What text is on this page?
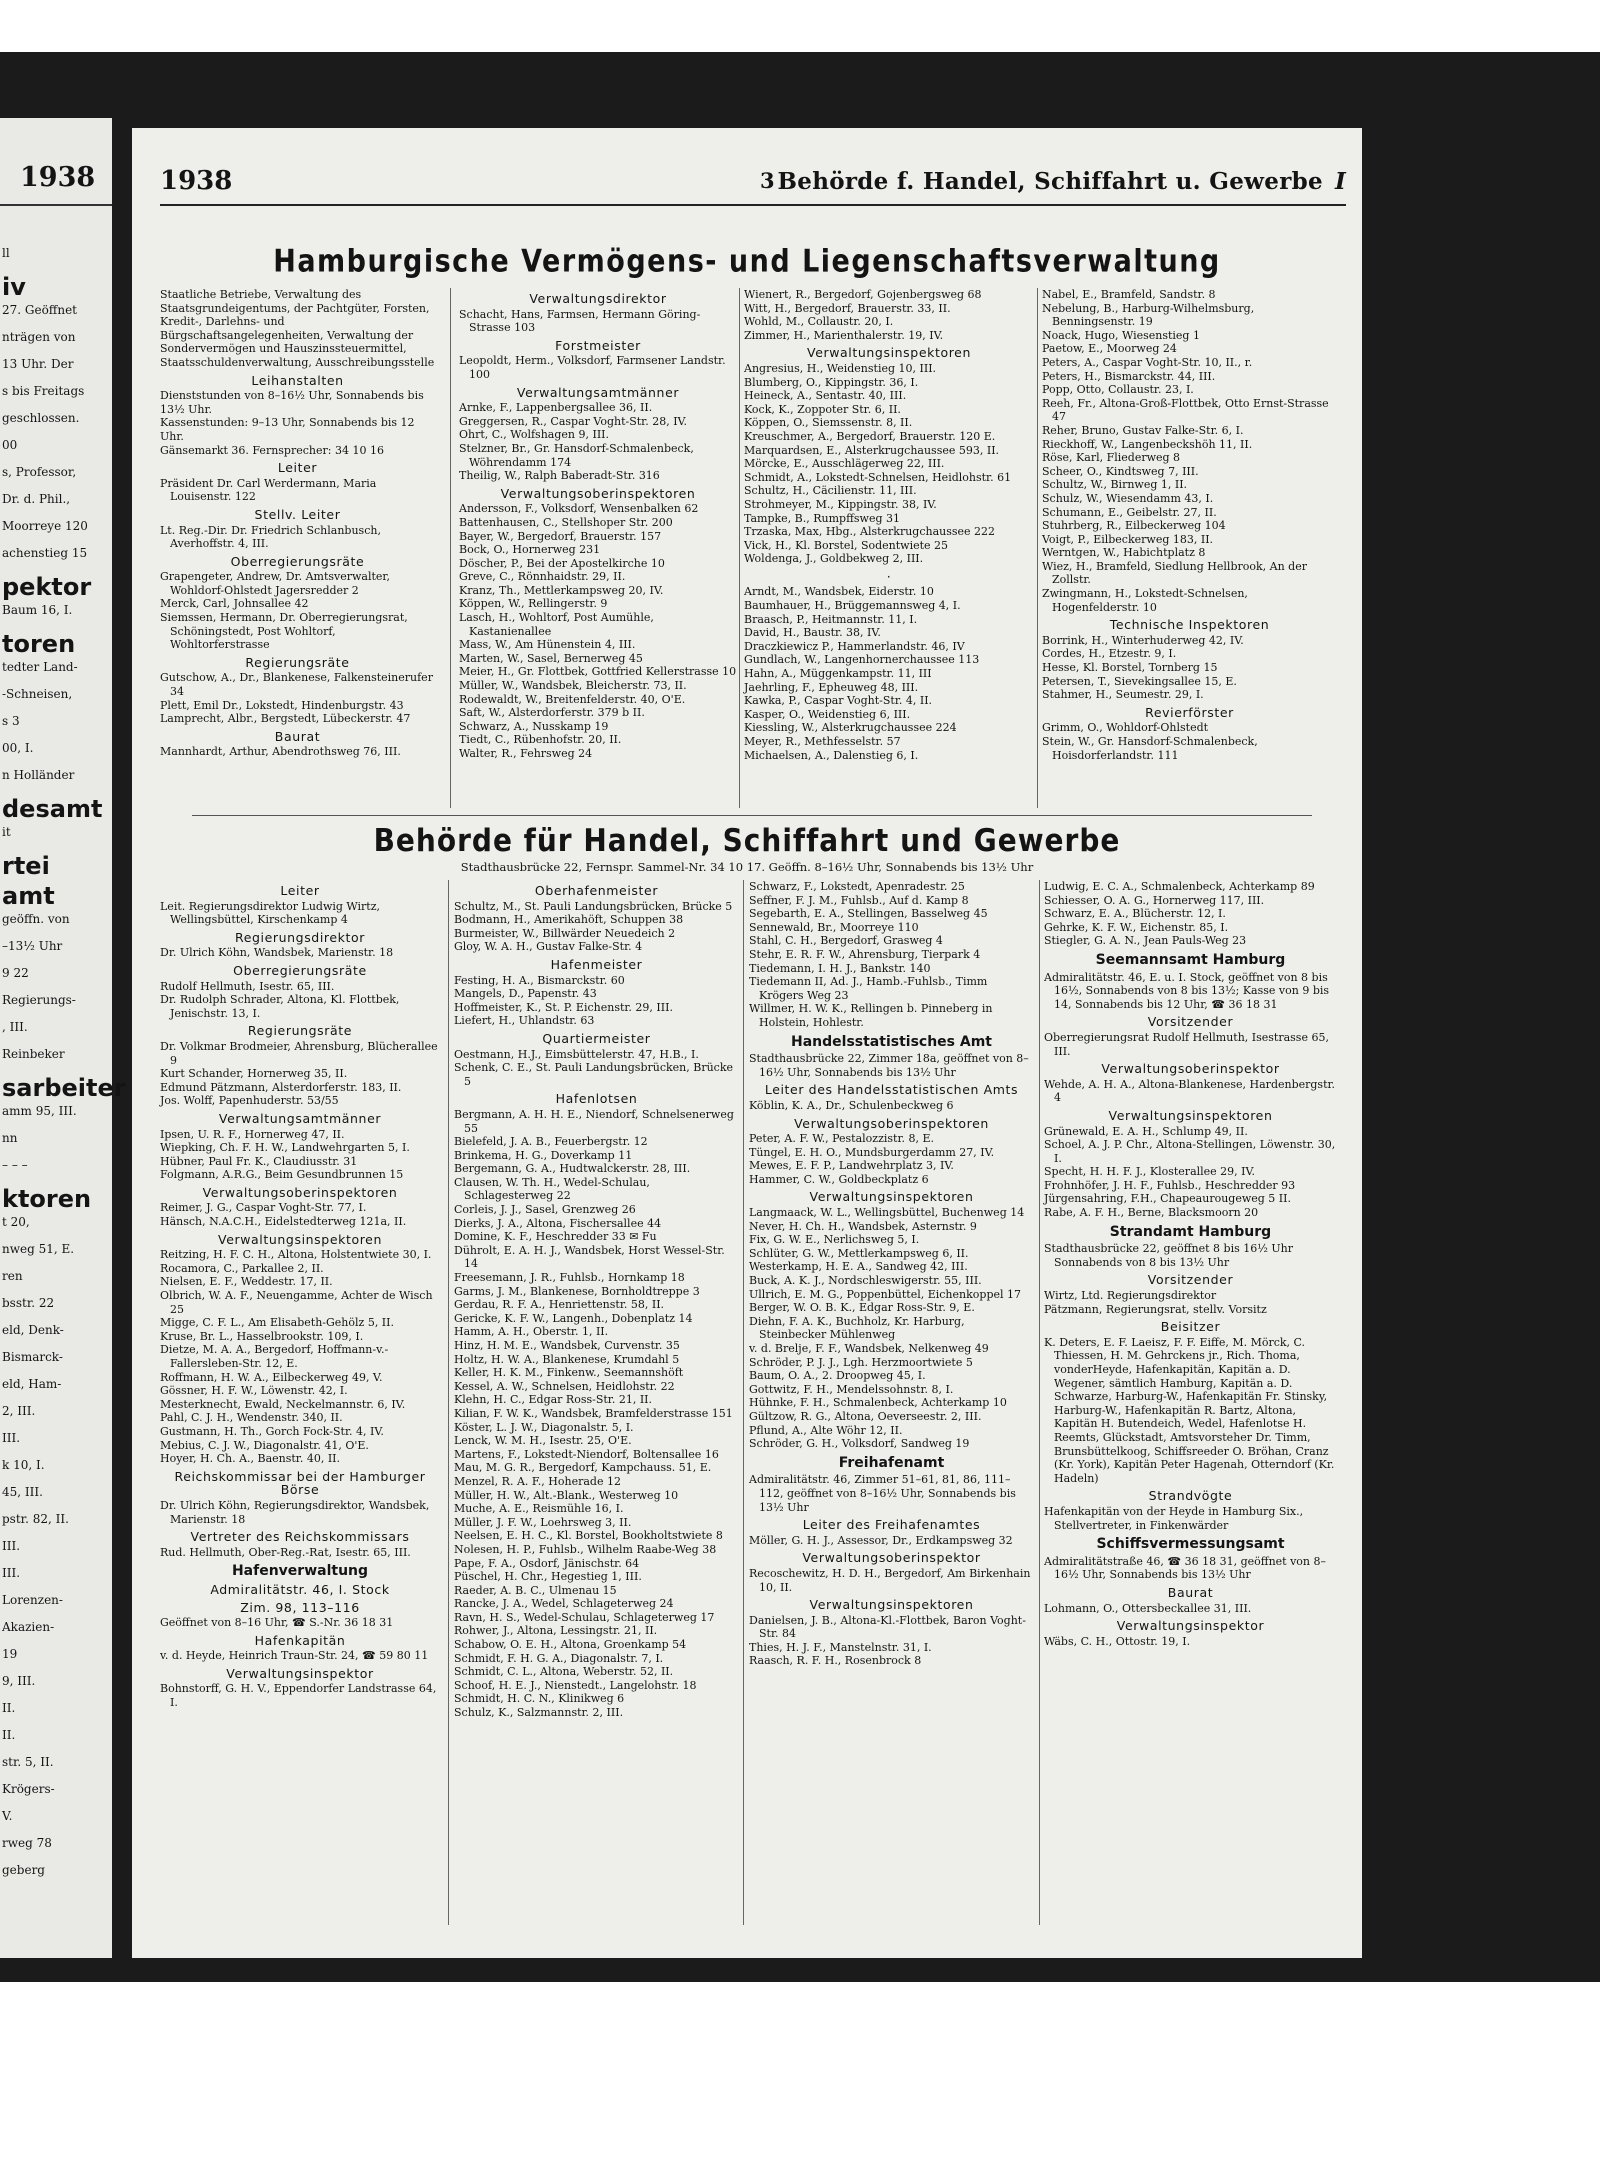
1938
ll
iv
27. Geöffnet
nträgen von
13 Uhr. Der
s bis Freitags
geschlossen.
00
s, Professor,
Dr. d. Phil.,
Moorreye 120
achenstieg 15
pektor
Baum 16, I.
toren
tedter Land-
-Schneisen,
s 3
00, I.
n Holländer
desamt
it
rtei
amt
geöffn. von
–13½ Uhr
9 22
Regierungs-
, III.
Reinbeker
sarbeiter
amm 95, III.
nn
– – –
ktoren
t 20,
nweg 51, E.
ren
bsstr. 22
eld, Denk-
Bismarck-
eld, Ham-
2, III.
III.
k 10, I.
45, III.
pstr. 82, II.
III.
III.
Lorenzen-
Akazien-
19
9, III.
II.
II.
str. 5, II.
Krögers-
V.
rweg 78
geberg
1938	3 Behörde f. Handel, Schiffahrt u. Gewerbe I
Hamburgische Vermögens- und Liegenschaftsverwaltung
Staatliche Betriebe, Verwaltung des Staatsgrundeigentums, der Pachtgüter, Forsten, Kredit-, Darlehns- und Bürgschaftsangelegenheiten, Verwaltung der Sondervermögen und Hauszinssteuermittel, Staatsschuldenverwaltung, Ausschreibungsstelle
Leihanstalten
Dienststunden von 8–16½ Uhr, Sonnabends bis 13½ Uhr.
Kassenstunden: 9–13 Uhr, Sonnabends bis 12 Uhr.
Gänsemarkt 36. Fernsprecher: 34 10 16
Leiter
Präsident Dr. Carl Werdermann, Maria Louisenstr. 122
Stellv. Leiter
Lt. Reg.-Dir. Dr. Friedrich Schlanbusch, Averhoffstr. 4, III.
Oberregierungsräte
Grapengeter, Andrew, Dr. Amtsverwalter, Wohldorf-Ohlstedt Jagersredder 2
Merck, Carl, Johnsallee 42
Siemssen, Hermann, Dr. Oberregierungsrat, Schöningstedt, Post Wohltorf, Wohltorferstrasse
Regierungsräte
Gutschow, A., Dr., Blankenese, Falkensteinerufer 34
Plett, Emil Dr., Lokstedt, Hindenburgstr. 43
Lamprecht, Albr., Bergstedt, Lübeckerstr. 47
Baurat
Mannhardt, Arthur, Abendrothsweg 76, III.
Verwaltungsdirektor
Schacht, Hans, Farmsen, Hermann Göring-Strasse 103
Forstmeister
Leopoldt, Herm., Volksdorf, Farmsener Landstr. 100
Verwaltungsamtmänner
Arnke, F., Lappenbergsallee 36, II.
Greggersen, R., Caspar Voght-Str. 28, IV.
Ohrt, C., Wolfshagen 9, III.
Stelzner, Br., Gr. Hansdorf-Schmalenbeck, Wöhrendamm 174
Theilig, W., Ralph Baberadt-Str. 316
Verwaltungsoberinspektoren
Andersson, F., Volksdorf, Wensenbalken 62
Battenhausen, C., Stellshoper Str. 200
Bayer, W., Bergedorf, Brauerstr. 157
Bock, O., Hornerweg 231
Döscher, P., Bei der Apostelkirche 10
Greve, C., Rönnhaidstr. 29, II.
Kranz, Th., Mettlerkampsweg 20, IV.
Köppen, W., Rellingerstr. 9
Lasch, H., Wohltorf, Post Aumühle, Kastanienallee
Mass, W., Am Hünenstein 4, III.
Marten, W., Sasel, Bernerweg 45
Meier, H., Gr. Flottbek, Gottfried Kellerstrasse 10
Müller, W., Wandsbek, Bleicherstr. 73, II.
Rodewaldt, W., Breitenfelderstr. 40, O'E.
Saft, W., Alsterdorferstr. 379 b II.
Schwarz, A., Nusskamp 19
Tiedt, C., Rübenhofstr. 20, II.
Walter, R., Fehrsweg 24
Wienert, R., Bergedorf, Gojenbergsweg 68
Witt, H., Bergedorf, Brauerstr. 33, II.
Wohld, M., Collaustr. 20, I.
Zimmer, H., Marienthalerstr. 19, IV.
Verwaltungsinspektoren
Angresius, H., Weidenstieg 10, III.
Blumberg, O., Kippingstr. 36, I.
Heineck, A., Sentastr. 40, III.
Kock, K., Zoppoter Str. 6, II.
Köppen, O., Siemssenstr. 8, II.
Kreuschmer, A., Bergedorf, Brauerstr. 120 E.
Marquardsen, E., Alsterkrugchaussee 593, II.
Mörcke, E., Ausschlägerweg 22, III.
Schmidt, A., Lokstedt-Schnelsen, Heidlohstr. 61
Schultz, H., Cäcilienstr. 11, III.
Strohmeyer, M., Kippingstr. 38, IV.
Tampke, B., Rumpffsweg 31
Trzaska, Max, Hbg., Alsterkrugchaussee 222
Vick, H., Kl. Borstel, Sodentwiete 25
Woldenga, J., Goldbekweg 2, III.
·
Arndt, M., Wandsbek, Eiderstr. 10
Baumhauer, H., Brüggemannsweg 4, I.
Braasch, P., Heitmannstr. 11, I.
David, H., Baustr. 38, IV.
Draczkiewicz P., Hammerlandstr. 46, IV
Gundlach, W., Langenhornerchaussee 113
Hahn, A., Müggenkampstr. 11, III
Jaehrling, F., Epheuweg 48, III.
Kawka, P., Caspar Voght-Str. 4, II.
Kasper, O., Weidenstieg 6, III.
Kiessling, W., Alsterkrugchaussee 224
Meyer, R., Methfesselstr. 57
Michaelsen, A., Dalenstieg 6, I.
Nabel, E., Bramfeld, Sandstr. 8
Nebelung, B., Harburg-Wilhelmsburg, Benningsenstr. 19
Noack, Hugo, Wiesenstieg 1
Paetow, E., Moorweg 24
Peters, A., Caspar Voght-Str. 10, II., r.
Peters, H., Bismarckstr. 44, III.
Popp, Otto, Collaustr. 23, I.
Reeh, Fr., Altona-Groß-Flottbek, Otto Ernst-Strasse 47
Reher, Bruno, Gustav Falke-Str. 6, I.
Rieckhoff, W., Langenbeckshöh 11, II.
Röse, Karl, Fliederweg 8
Scheer, O., Kindtsweg 7, III.
Schultz, W., Birnweg 1, II.
Schulz, W., Wiesendamm 43, I.
Schumann, E., Geibelstr. 27, II.
Stuhrberg, R., Eilbeckerweg 104
Voigt, P., Eilbeckerweg 183, II.
Werntgen, W., Habichtplatz 8
Wiez, H., Bramfeld, Siedlung Hellbrook, An der Zollstr.
Zwingmann, H., Lokstedt-Schnelsen, Hogenfelderstr. 10
Technische Inspektoren
Borrink, H., Winterhuderweg 42, IV.
Cordes, H., Etzestr. 9, I.
Hesse, Kl. Borstel, Tornberg 15
Petersen, T., Sievekingsallee 15, E.
Stahmer, H., Seumestr. 29, I.
Revierförster
Grimm, O., Wohldorf-Ohlstedt
Stein, W., Gr. Hansdorf-Schmalenbeck, Hoisdorferlandstr. 111
Behörde für Handel, Schiffahrt und Gewerbe
Stadthausbrücke 22, Fernspr. Sammel-Nr. 34 10 17. Geöffn. 8–16½ Uhr, Sonnabends bis 13½ Uhr
Leiter
Leit. Regierungsdirektor Ludwig Wirtz, Wellingsbüttel, Kirschenkamp 4
Regierungsdirektor
Dr. Ulrich Köhn, Wandsbek, Marienstr. 18
Oberregierungsräte
Rudolf Hellmuth, Isestr. 65, III.
Dr. Rudolph Schrader, Altona, Kl. Flottbek, Jenischstr. 13, I.
Regierungsräte
Dr. Volkmar Brodmeier, Ahrensburg, Blücherallee 9
Kurt Schander, Hornerweg 35, II.
Edmund Pätzmann, Alsterdorferstr. 183, II.
Jos. Wolff, Papenhuderstr. 53/55
Verwaltungsamtmänner
Ipsen, U. R. F., Hornerweg 47, II.
Wiepking, Ch. F. H. W., Landwehrgarten 5, I.
Hübner, Paul Fr. K., Claudiusstr. 31
Folgmann, A.R.G., Beim Gesundbrunnen 15
Verwaltungsoberinspektoren
Reimer, J. G., Caspar Voght-Str. 77, I.
Hänsch, N.A.C.H., Eidelstedterweg 121a, II.
Verwaltungsinspektoren
Reitzing, H. F. C. H., Altona, Holstentwiete 30, I.
Rocamora, C., Parkallee 2, II.
Nielsen, E. F., Weddestr. 17, II.
Olbrich, W. A. F., Neuengamme, Achter de Wisch 25
Migge, C. F. L., Am Elisabeth-Gehölz 5, II.
Kruse, Br. L., Hasselbrookstr. 109, I.
Dietze, M. A. A., Bergedorf, Hoffmann-v.-Fallersleben-Str. 12, E.
Roffmann, H. W. A., Eilbeckerweg 49, V.
Gössner, H. F. W., Löwenstr. 42, I.
Mesterknecht, Ewald, Neckelmannstr. 6, IV.
Pahl, C. J. H., Wendenstr. 340, II.
Gustmann, H. Th., Gorch Fock-Str. 4, IV.
Mebius, C. J. W., Diagonalstr. 41, O'E.
Hoyer, H. Ch. A., Baenstr. 40, II.
Reichskommissar bei der Hamburger Börse
Dr. Ulrich Köhn, Regierungsdirektor, Wandsbek, Marienstr. 18
Vertreter des Reichskommissars
Rud. Hellmuth, Ober-Reg.-Rat, Isestr. 65, III.
Hafenverwaltung
Admiralitätstr. 46, I. Stock
Zim. 98, 113–116
Geöffnet von 8–16 Uhr, ☎ S.-Nr. 36 18 31
Hafenkapitän
v. d. Heyde, Heinrich Traun-Str. 24, ☎ 59 80 11
Verwaltungsinspektor
Bohnstorff, G. H. V., Eppendorfer Landstrasse 64, I.
Oberhafenmeister
Schultz, M., St. Pauli Landungsbrücken, Brücke 5
Bodmann, H., Amerikahöft, Schuppen 38
Burmeister, W., Billwärder Neuedeich 2
Gloy, W. A. H., Gustav Falke-Str. 4
Hafenmeister
Festing, H. A., Bismarckstr. 60
Mangels, D., Papenstr. 43
Hoffmeister, K., St. P. Eichenstr. 29, III.
Liefert, H., Uhlandstr. 63
Quartiermeister
Oestmann, H.J., Eimsbüttelerstr. 47, H.B., I.
Schenk, C. E., St. Pauli Landungsbrücken, Brücke 5
Hafenlotsen
Bergmann, A. H. H. E., Niendorf, Schnelsenerweg 55
Bielefeld, J. A. B., Feuerbergstr. 12
Brinkema, H. G., Doverkamp 11
Bergemann, G. A., Hudtwalckerstr. 28, III.
Clausen, W. Th. H., Wedel-Schulau, Schlagesterweg 22
Corleis, J. J., Sasel, Grenzweg 26
Dierks, J. A., Altona, Fischersallee 44
Domine, K. F., Heschredder 33 ✉ Fu
Dührolt, E. A. H. J., Wandsbek, Horst Wessel-Str. 14
Freesemann, J. R., Fuhlsb., Hornkamp 18
Garms, J. M., Blankenese, Bornholdtreppe 3
Gerdau, R. F. A., Henriettenstr. 58, II.
Gericke, K. F. W., Langenh., Dobenplatz 14
Hamm, A. H., Oberstr. 1, II.
Hinz, H. M. E., Wandsbek, Curvenstr. 35
Holtz, H. W. A., Blankenese, Krumdahl 5
Keller, H. K. M., Finkenw., Seemannshöft
Kessel, A. W., Schnelsen, Heidlohstr. 22
Klehn, H. C., Edgar Ross-Str. 21, II.
Kilian, F. W. K., Wandsbek, Bramfelderstrasse 151
Köster, L. J. W., Diagonalstr. 5, I.
Lenck, W. M. H., Isestr. 25, O'E.
Martens, F., Lokstedt-Niendorf, Boltensallee 16
Mau, M. G. R., Bergedorf, Kampchauss. 51, E.
Menzel, R. A. F., Hoherade 12
Müller, H. W., Alt.-Blank., Westerweg 10
Muche, A. E., Reismühle 16, I.
Müller, J. F. W., Loehrsweg 3, II.
Neelsen, E. H. C., Kl. Borstel, Bookholtstwiete 8
Nolesen, H. P., Fuhlsb., Wilhelm Raabe-Weg 38
Pape, F. A., Osdorf, Jänischstr. 64
Püschel, H. Chr., Hegestieg 1, III.
Raeder, A. B. C., Ulmenau 15
Rancke, J. A., Wedel, Schlageterweg 24
Ravn, H. S., Wedel-Schulau, Schlageterweg 17
Rohwer, J., Altona, Lessingstr. 21, II.
Schabow, O. E. H., Altona, Groenkamp 54
Schmidt, F. H. G. A., Diagonalstr. 7, I.
Schmidt, C. L., Altona, Weberstr. 52, II.
Schoof, H. E. J., Nienstedt., Langelohstr. 18
Schmidt, H. C. N., Klinikweg 6
Schulz, K., Salzmannstr. 2, III.
Schwarz, F., Lokstedt, Apenradestr. 25
Seffner, F. J. M., Fuhlsb., Auf d. Kamp 8
Segebarth, E. A., Stellingen, Basselweg 45
Sennewald, Br., Moorreye 110
Stahl, C. H., Bergedorf, Grasweg 4
Stehr, E. R. F. W., Ahrensburg, Tierpark 4
Tiedemann, I. H. J., Bankstr. 140
Tiedemann II, Ad. J., Hamb.-Fuhlsb., Timm Krögers Weg 23
Willmer, H. W. K., Rellingen b. Pinneberg in Holstein, Hohlestr.
Handelsstatistisches Amt
Stadthausbrücke 22, Zimmer 18a, geöffnet von 8–16½ Uhr, Sonnabends bis 13½ Uhr
Leiter des Handelsstatistischen Amts
Köblin, K. A., Dr., Schulenbeckweg 6
Verwaltungsoberinspektoren
Peter, A. F. W., Pestalozzistr. 8, E.
Tüngel, E. H. O., Mundsburgerdamm 27, IV.
Mewes, E. F. P., Landwehrplatz 3, IV.
Hammer, C. W., Goldbeckplatz 6
Verwaltungsinspektoren
Langmaack, W. L., Wellingsbüttel, Buchenweg 14
Never, H. Ch. H., Wandsbek, Asternstr. 9
Fix, G. W. E., Nerlichsweg 5, I.
Schlüter, G. W., Mettlerkampsweg 6, II.
Westerkamp, H. E. A., Sandweg 42, III.
Buck, A. K. J., Nordschleswigerstr. 55, III.
Ullrich, E. M. G., Poppenbüttel, Eichenkoppel 17
Berger, W. O. B. K., Edgar Ross-Str. 9, E.
Diehn, F. A. K., Buchholz, Kr. Harburg, Steinbecker Mühlenweg
v. d. Brelje, F. F., Wandsbek, Nelkenweg 49
Schröder, P. J. J., Lgh. Herzmoortwiete 5
Baum, O. A., 2. Droopweg 45, I.
Gottwitz, F. H., Mendelssohnstr. 8, I.
Hühnke, F. H., Schmalenbeck, Achterkamp 10
Gültzow, R. G., Altona, Oeverseestr. 2, III.
Pflund, A., Alte Wöhr 12, II.
Schröder, G. H., Volksdorf, Sandweg 19
Freihafenamt
Admiralitätstr. 46, Zimmer 51–61, 81, 86, 111–112, geöffnet von 8–16½ Uhr, Sonnabends bis 13½ Uhr
Leiter des Freihafenamtes
Möller, G. H. J., Assessor, Dr., Erdkampsweg 32
Verwaltungsoberinspektor
Recoschewitz, H. D. H., Bergedorf, Am Birkenhain 10, II.
Verwaltungsinspektoren
Danielsen, J. B., Altona-Kl.-Flottbek, Baron Voght-Str. 84
Thies, H. J. F., Manstelnstr. 31, I.
Raasch, R. F. H., Rosenbrock 8
Ludwig, E. C. A., Schmalenbeck, Achterkamp 89
Schiesser, O. A. G., Hornerweg 117, III.
Schwarz, E. A., Blücherstr. 12, I.
Gehrke, K. F. W., Eichenstr. 85, I.
Stiegler, G. A. N., Jean Pauls-Weg 23
Seemannsamt Hamburg
Admiralitätstr. 46, E. u. I. Stock, geöffnet von 8 bis 16½, Sonnabends von 8 bis 13½; Kasse von 9 bis 14, Sonnabends bis 12 Uhr, ☎ 36 18 31
Vorsitzender
Oberregierungsrat Rudolf Hellmuth, Isestrasse 65, III.
Verwaltungsoberinspektor
Wehde, A. H. A., Altona-Blankenese, Hardenbergstr. 4
Verwaltungsinspektoren
Grünewald, E. A. H., Schlump 49, II.
Schoel, A. J. P. Chr., Altona-Stellingen, Löwenstr. 30, I.
Specht, H. H. F. J., Klosterallee 29, IV.
Frohnhöfer, J. H. F., Fuhlsb., Heschredder 93
Jürgensahring, F.H., Chapeaurougeweg 5 II.
Rabe, A. F. H., Berne, Blacksmoorn 20
Strandamt Hamburg
Stadthausbrücke 22, geöffnet 8 bis 16½ Uhr Sonnabends von 8 bis 13½ Uhr
Vorsitzender
Wirtz, Ltd. Regierungsdirektor
Pätzmann, Regierungsrat, stellv. Vorsitz
Beisitzer
K. Deters, E. F. Laeisz, F. F. Eiffe, M. Mörck, C. Thiessen, H. M. Gehrckens jr., Rich. Thoma, vonderHeyde, Hafenkapitän, Kapitän a. D. Wegener, sämtlich Hamburg, Kapitän a. D. Schwarze, Harburg-W., Hafenkapitän Fr. Stinsky, Harburg-W., Hafenkapitän R. Bartz, Altona, Kapitän H. Butendeich, Wedel, Hafenlotse H. Reemts, Glückstadt, Amtsvorsteher Dr. Timm, Brunsbüttelkoog, Schiffsreeder O. Bröhan, Cranz (Kr. York), Kapitän Peter Hagenah, Otterndorf (Kr. Hadeln)
Strandvögte
Hafenkapitän von der Heyde in Hamburg Six., Stellvertreter, in Finkenwärder
Schiffsvermessungsamt
Admiralitätstraße 46, ☎ 36 18 31, geöffnet von 8–16½ Uhr, Sonnabends bis 13½ Uhr
Baurat
Lohmann, O., Ottersbeckallee 31, III.
Verwaltungsinspektor
Wäbs, C. H., Ottostr. 19, I.
